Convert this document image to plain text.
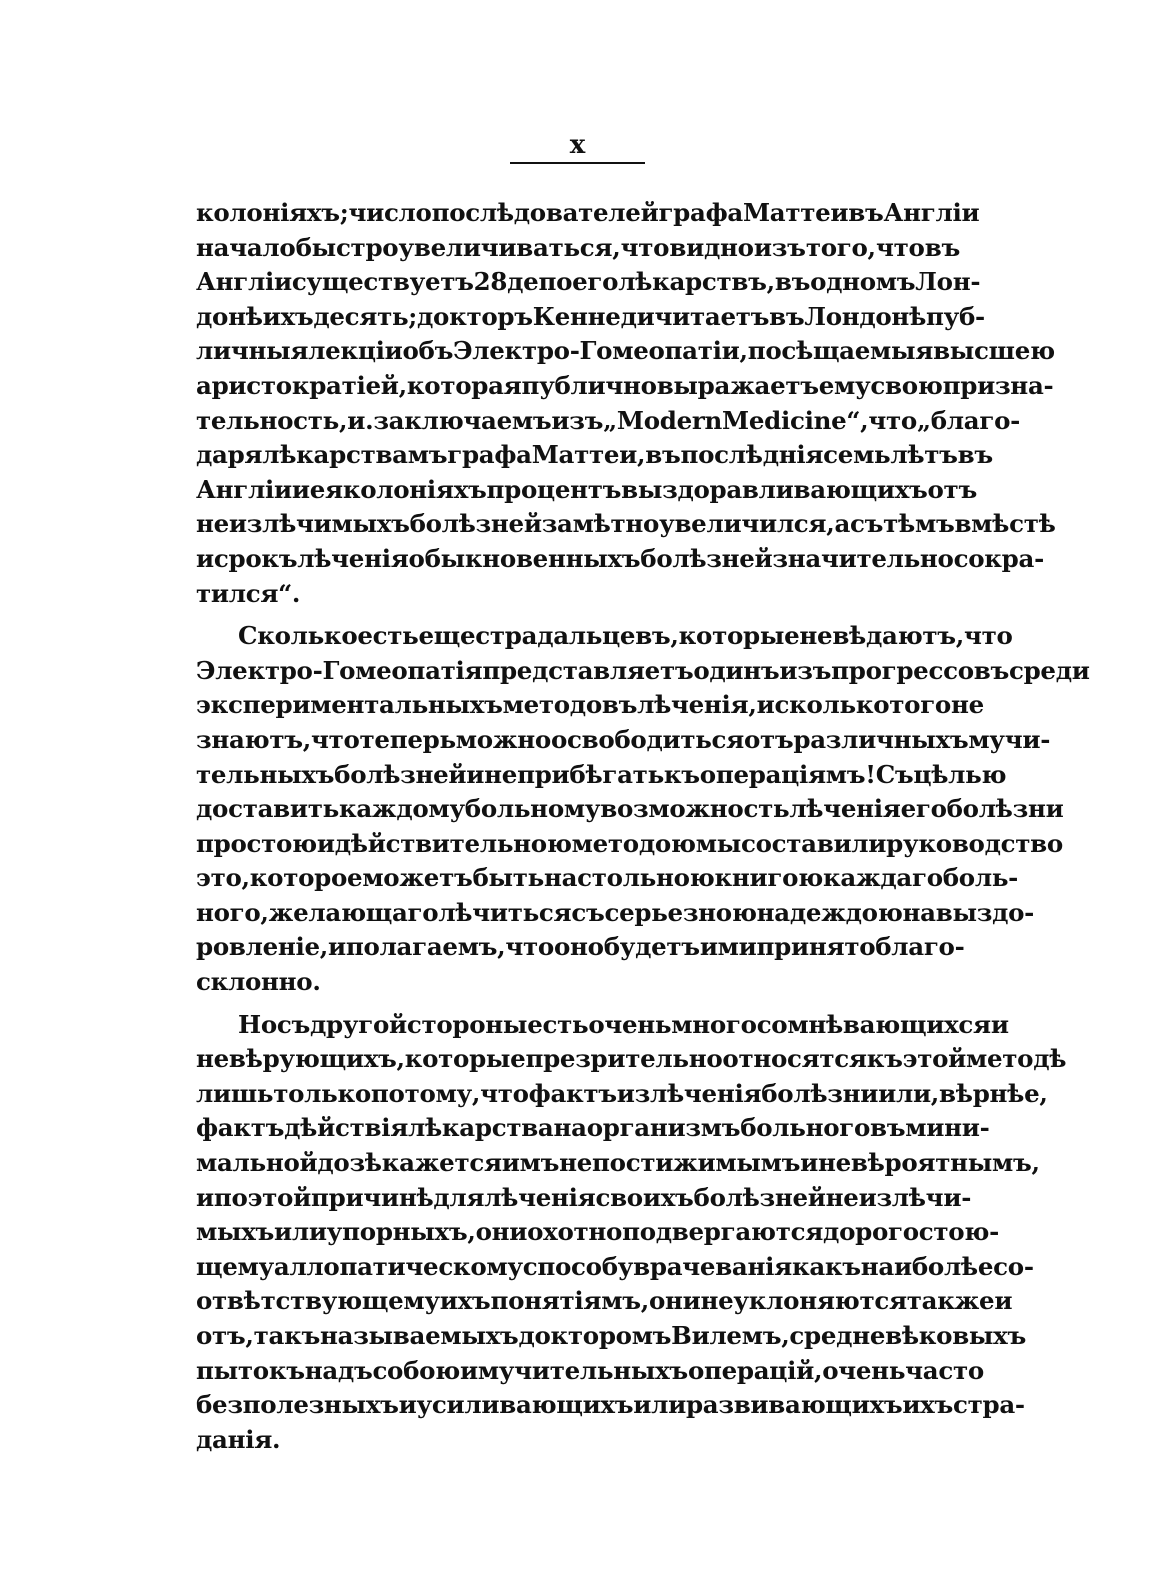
x
колоніяхъ; число послѣдователей графа Маттеи въ Англіи
начало быстро увеличиваться, что видно изъ того, что въ
Англіи существуетъ 28 депо его лѣкарствъ, въ одномъ Лон-
донѣ ихъ десять; докторъ Кеннеди читаетъ въ Лондонѣ пуб-
личныя лекціи объ Электро-Гомеопатіи, посѣщаемыя высшею
аристократіей, которая публично выражаетъ ему свою призна-
тельность, и. заключаемъ изъ „Modern Medicine“, что „благо-
даря лѣкарствамъ графа Маттеи, въ послѣднія семь лѣтъ въ
Англіи и ея колоніяхъ процентъ выздоравливающихъ отъ
неизлѣчимыхъ болѣзней замѣтно увеличился, а съ тѣмъ вмѣстѣ
и срокъ лѣченія обыкновенныхъ болѣзней значительно сокра-
тился“.
Сколько есть еще страдальцевъ, которые не вѣдаютъ, что
Электро-Гомеопатія представляетъ одинъ изъ прогрессовъ среди
экспериментальныхъ методовъ лѣченія, и сколько того не
знаютъ, что теперь можно освободиться отъ различныхъ мучи-
тельныхъ болѣзней и не прибѣгать къ операціямъ! Съ цѣлью
доставить каждому больному возможность лѣченія его болѣзни
простою и дѣйствительною методою мы составили руководство
это, которое можетъ быть настольною книгою каждаго боль-
ного, желающаго лѣчиться съ серьезною надеждою на выздо-
ровленіе, и полагаемъ, что оно будетъ ими принято благо-
склонно.
Но съ другой стороны есть очень много сомнѣвающихся и
невѣрующихъ, которые презрительно относятся къ этой методѣ
лишь только потому, что фактъ излѣченія болѣзни или, вѣрнѣе,
фактъ дѣйствія лѣкарства на организмъ больного въ мини-
мальной дозѣ кажется имъ непостижимымъ и невѣроятнымъ,
и по этой причинѣ для лѣченія своихъ болѣзней неизлѣчи-
мыхъ или упорныхъ, они охотно подвергаются дорого стою-
щему аллопатическому способу врачеванія какъ наиболѣе со-
отвѣтствующему ихъ понятіямъ, они не уклоняются также и
отъ, такъ называемыхъ докторомъ Вилемъ, средневѣковыхъ
пытокъ надъ собою и мучительныхъ операцій, очень часто
безполезныхъ и усиливающихъ или развивающихъ ихъ стра-
данія.
